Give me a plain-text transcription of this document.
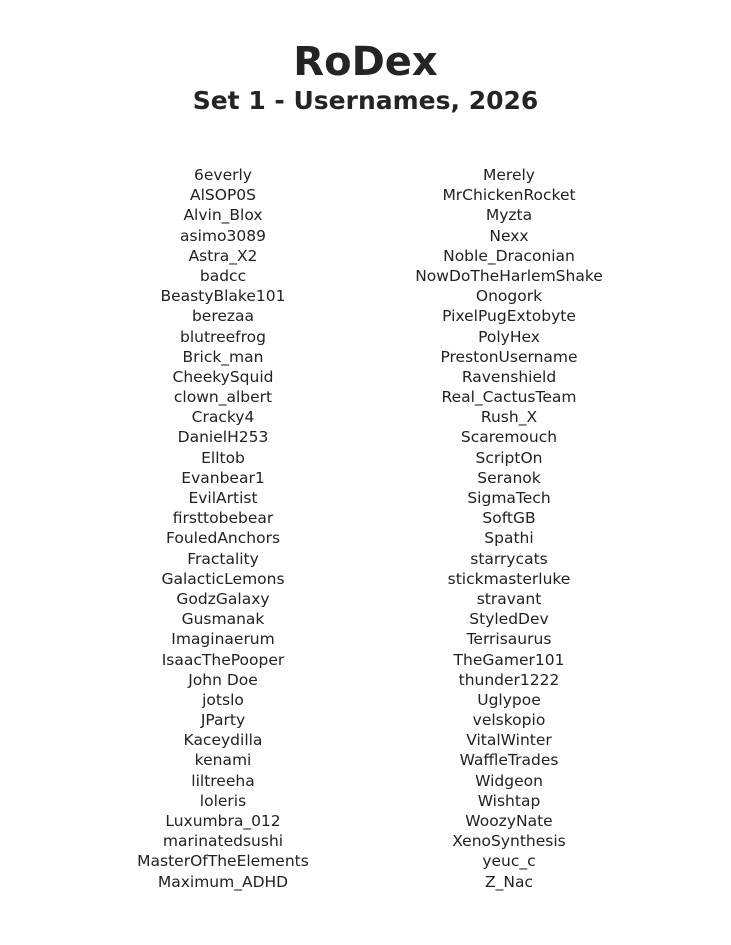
RoDex
Set 1 - Usernames, 2026
6everly
AlSOP0S
Alvin_Blox
asimo3089
Astra_X2
badcc
BeastyBlake101
berezaa
blutreefrog
Brick_man
CheekySquid
clown_albert
Cracky4
DanielH253
Elltob
Evanbear1
EvilArtist
firsttobebear
FouledAnchors
Fractality
GalacticLemons
GodzGalaxy
Gusmanak
Imaginaerum
IsaacThePooper
John Doe
jotslo
JParty
Kaceydilla
kenami
liltreeha
loleris
Luxumbra_012
marinatedsushi
MasterOfTheElements
Maximum_ADHD
Merely
MrChickenRocket
Myzta
Nexx
Noble_Draconian
NowDoTheHarlemShake
Onogork
PixelPugExtobyte
PolyHex
PrestonUsername
Ravenshield
Real_CactusTeam
Rush_X
Scaremouch
ScriptOn
Seranok
SigmaTech
SoftGB
Spathi
starrycats
stickmasterluke
stravant
StyledDev
Terrisaurus
TheGamer101
thunder1222
Uglypoe
velskopio
VitalWinter
WaffleTrades
Widgeon
Wishtap
WoozyNate
XenoSynthesis
yeuc_c
Z_Nac
